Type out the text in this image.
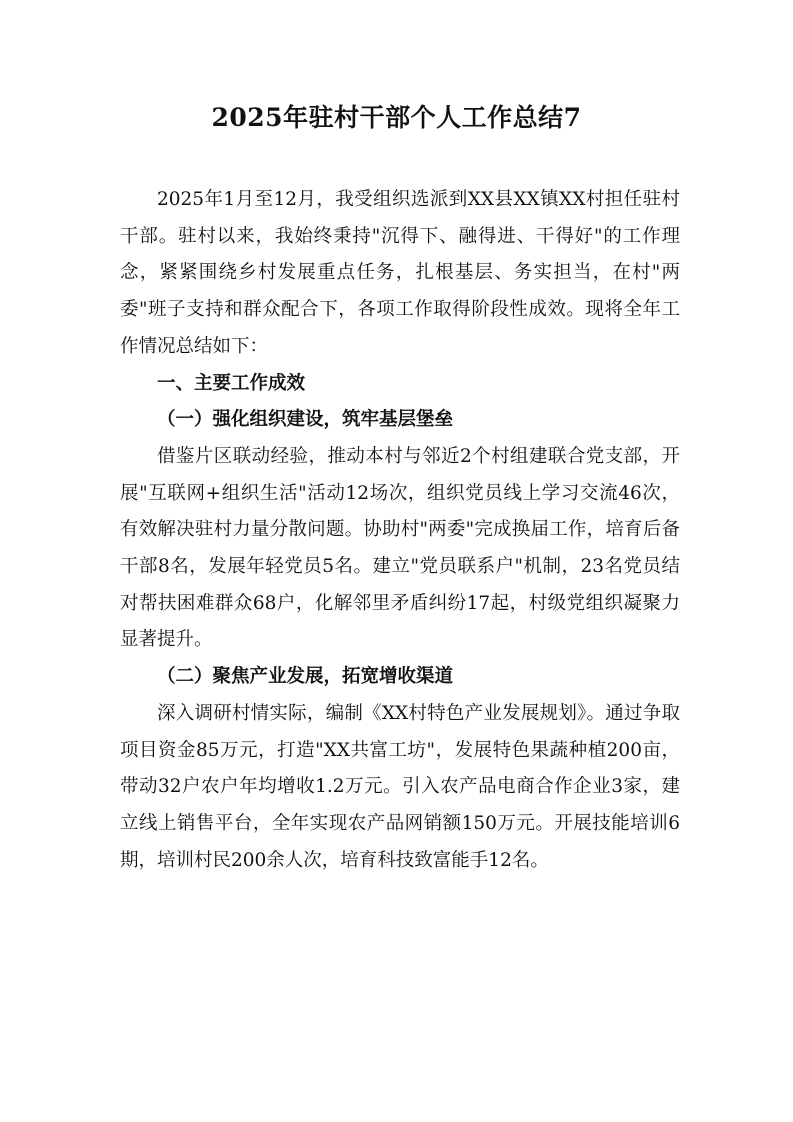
2025年驻村干部个人工作总结7

2025年1月至12月，我受组织选派到XX县XX镇XX村担任驻村干部。驻村以来，我始终秉持"沉得下、融得进、干得好"的工作理念，紧紧围绕乡村发展重点任务，扎根基层、务实担当，在村"两委"班子支持和群众配合下，各项工作取得阶段性成效。现将全年工作情况总结如下：

一、主要工作成效

（一）强化组织建设，筑牢基层堡垒

借鉴片区联动经验，推动本村与邻近2个村组建联合党支部，开展"互联网+组织生活"活动12场次，组织党员线上学习交流46次，有效解决驻村力量分散问题。协助村"两委"完成换届工作，培育后备干部8名，发展年轻党员5名。建立"党员联系户"机制，23名党员结对帮扶困难群众68户，化解邻里矛盾纠纷17起，村级党组织凝聚力显著提升。

（二）聚焦产业发展，拓宽增收渠道

深入调研村情实际，编制《XX村特色产业发展规划》。通过争取项目资金85万元，打造"XX共富工坊"，发展特色果蔬种植200亩，带动32户农户年均增收1.2万元。引入农产品电商合作企业3家，建立线上销售平台，全年实现农产品网销额150万元。开展技能培训6期，培训村民200余人次，培育科技致富能手12名。
